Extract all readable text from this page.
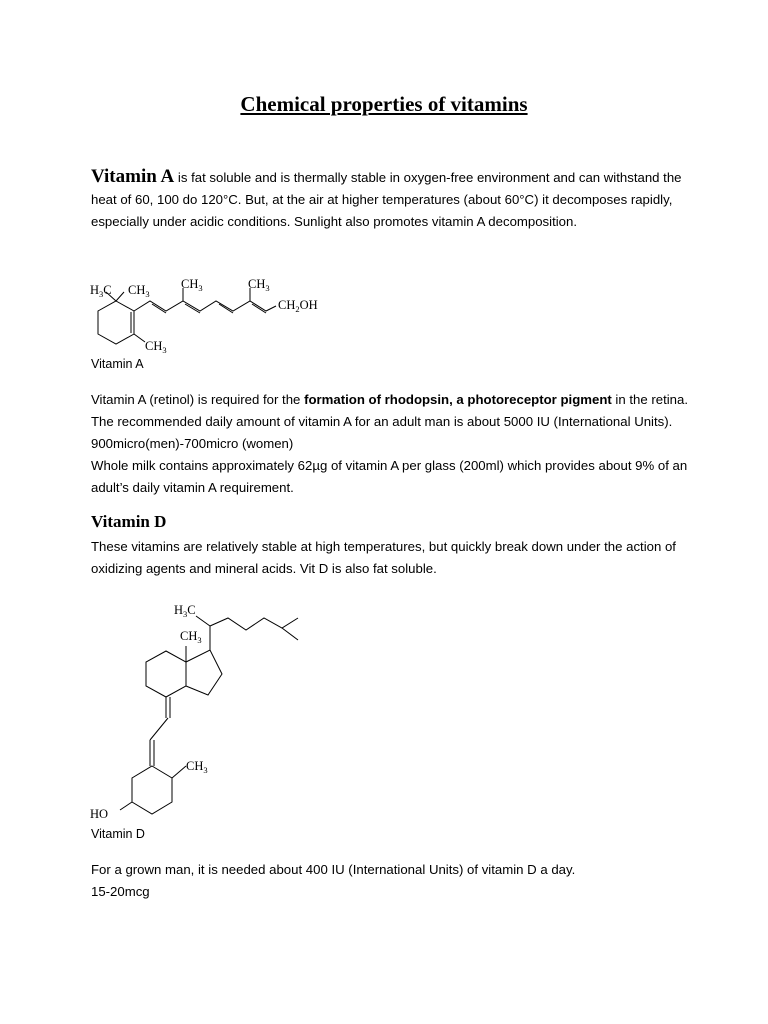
Chemical properties of vitamins

Vitamin A is fat soluble and is thermally stable in oxygen-free environment and can withstand the heat of 60, 100 do 120°C. But, at the air at higher temperatures (about 60°C) it decomposes rapidly, especially under acidic conditions. Sunlight also promotes vitamin A decomposition.

$H_3C$ $CH_3$
$CH_3$	$CH_3$
$CH_2OH$
$CH_3$

Vitamin A

Vitamin A (retinol) is required for the formation of rhodopsin, a photoreceptor pigment in the retina. The recommended daily amount of vitamin A for an adult man is about 5000 IU (International Units). 900micro(men)-700micro (women)

Whole milk contains approximately 62µg of vitamin A per glass (200ml) which provides about 9% of an adult’s daily vitamin A requirement.

Vitamin D

These vitamins are relatively stable at high temperatures, but quickly break down under the action of oxidizing agents and mineral acids. Vit D is also fat soluble.

$H_3C$
$CH_3$
$CH_3$
HO

Vitamin D

For a grown man, it is needed about 400 IU (International Units) of vitamin D a day.

15-20mcg
